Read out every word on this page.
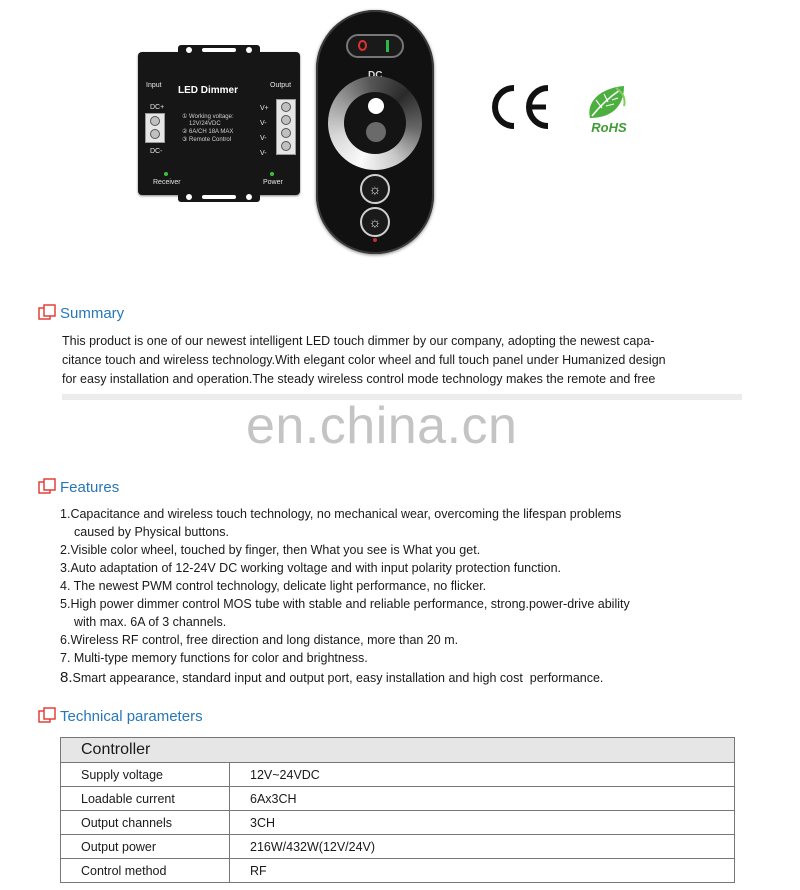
Input	Output
LED Dimmer
DC+
DC-
① Working voltage:
12V/24VDC
② 6A/CH 18A MAX
③ Remote Control
V+
V-
V-
V-
Receiver	Power	☼
☼
RoHS
Summary
This product is one of our newest intelligent LED touch dimmer by our company, adopting the newest capa-
citance touch and wireless technology.With elegant color wheel and full touch panel under Humanized design
for easy installation and operation.The steady wireless control mode technology makes the remote and free
en.china.cn
Features
1.Capacitance and wireless touch technology, no mechanical wear, overcoming the lifespan problems
caused by Physical buttons.
2.Visible color wheel, touched by finger, then What you see is What you get.
3.Auto adaptation of 12-24V DC working voltage and with input polarity protection function.
4. The newest PWM control technology, delicate light performance, no flicker.
5.High power dimmer control MOS tube with stable and reliable performance, strong.power-drive ability
with max. 6A of 3 channels.
6.Wireless RF control, free direction and long distance, more than 20 m.
7. Multi-type memory functions for color and brightness.
8.Smart appearance, standard input and output port, easy installation and high cost  performance.
Technical parameters
Controller	
Supply voltage	12V~24VDC
Loadable current	6Ax3CH
Output channels	3CH
Output power	216W/432W(12V/24V)
Control method	RF
